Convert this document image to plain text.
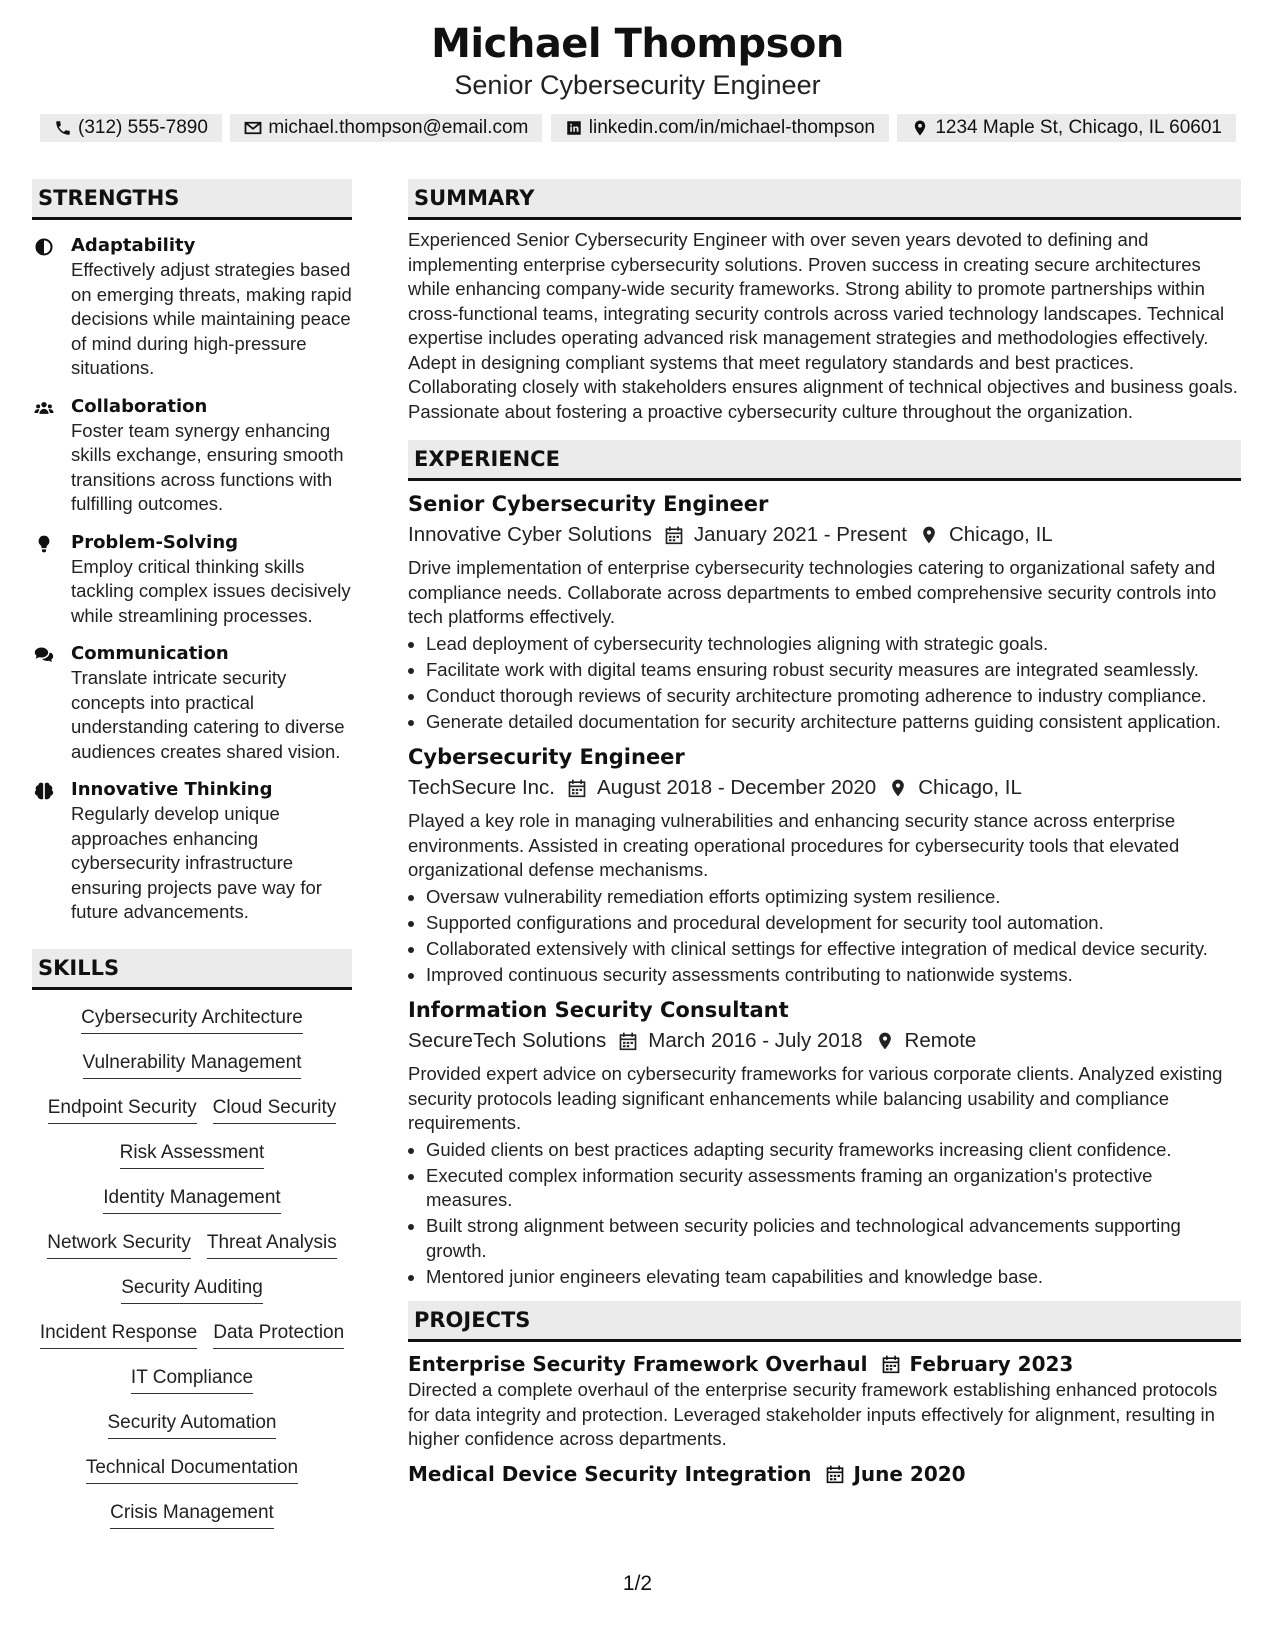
Michael Thompson
Senior Cybersecurity Engineer
(312) 555-7890	michael.thompson@email.com	linkedin.com/in/michael-thompson	1234 Maple St, Chicago, IL 60601
STRENGTHS
Adaptability
Effectively adjust strategies based on emerging threats, making rapid decisions while maintaining peace of mind during high-pressure situations.
Collaboration
Foster team synergy enhancing skills exchange, ensuring smooth transitions across functions with fulfilling outcomes.
Problem-Solving
Employ critical thinking skills tackling complex issues decisively while streamlining processes.
Communication
Translate intricate security concepts into practical understanding catering to diverse audiences creates shared vision.
Innovative Thinking
Regularly develop unique approaches enhancing cybersecurity infrastructure ensuring projects pave way for future advancements.
SKILLS
Cybersecurity Architecture
Vulnerability Management
Endpoint Security Cloud Security
Risk Assessment
Identity Management
Network Security Threat Analysis
Security Auditing
Incident Response Data Protection
IT Compliance
Security Automation
Technical Documentation
Crisis Management
SUMMARY
Experienced Senior Cybersecurity Engineer with over seven years devoted to defining and implementing enterprise cybersecurity solutions. Proven success in creating secure architectures while enhancing company-wide security frameworks. Strong ability to promote partnerships within cross-functional teams, integrating security controls across varied technology landscapes. Technical expertise includes operating advanced risk management strategies and methodologies effectively. Adept in designing compliant systems that meet regulatory standards and best practices. Collaborating closely with stakeholders ensures alignment of technical objectives and business goals. Passionate about fostering a proactive cybersecurity culture throughout the organization.
EXPERIENCE
Senior Cybersecurity Engineer
Innovative Cyber Solutions January 2021 - Present Chicago, IL
Drive implementation of enterprise cybersecurity technologies catering to organizational safety and compliance needs. Collaborate across departments to embed comprehensive security controls into tech platforms effectively.
• Lead deployment of cybersecurity technologies aligning with strategic goals.
• Facilitate work with digital teams ensuring robust security measures are integrated seamlessly.
• Conduct thorough reviews of security architecture promoting adherence to industry compliance.
• Generate detailed documentation for security architecture patterns guiding consistent application.
Cybersecurity Engineer
TechSecure Inc. August 2018 - December 2020 Chicago, IL
Played a key role in managing vulnerabilities and enhancing security stance across enterprise environments. Assisted in creating operational procedures for cybersecurity tools that elevated organizational defense mechanisms.
• Oversaw vulnerability remediation efforts optimizing system resilience.
• Supported configurations and procedural development for security tool automation.
• Collaborated extensively with clinical settings for effective integration of medical device security.
• Improved continuous security assessments contributing to nationwide systems.
Information Security Consultant
SecureTech Solutions March 2016 - July 2018 Remote
Provided expert advice on cybersecurity frameworks for various corporate clients. Analyzed existing security protocols leading significant enhancements while balancing usability and compliance requirements.
• Guided clients on best practices adapting security frameworks increasing client confidence.
• Executed complex information security assessments framing an organization's protective measures.
• Built strong alignment between security policies and technological advancements supporting growth.
• Mentored junior engineers elevating team capabilities and knowledge base.
PROJECTS
Enterprise Security Framework Overhaul February 2023
Directed a complete overhaul of the enterprise security framework establishing enhanced protocols for data integrity and protection. Leveraged stakeholder inputs effectively for alignment, resulting in higher confidence across departments.
Medical Device Security Integration June 2020
1/2
